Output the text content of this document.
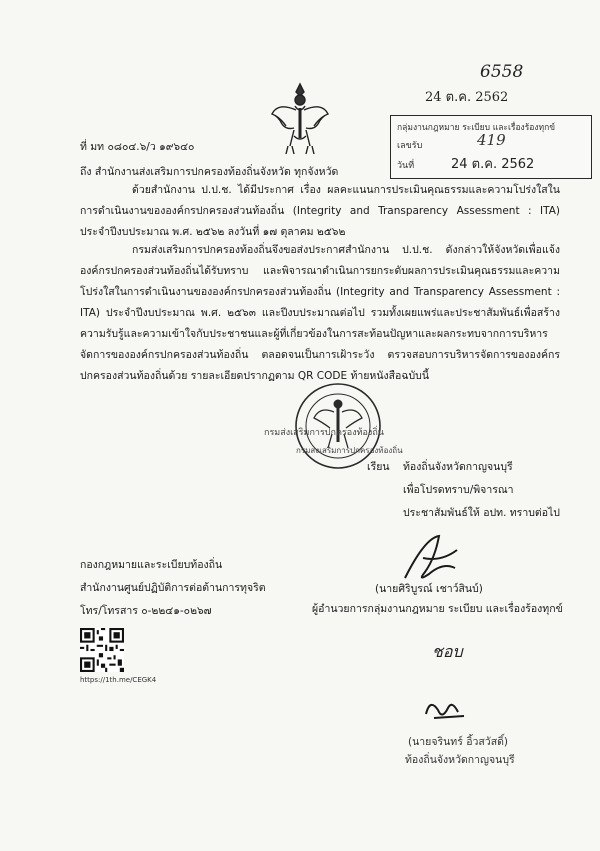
6558
24 ต.ค. 2562
กลุ่มงานกฎหมาย ระเบียบ และเรื่องร้องทุกข์
เลขรับ	419
วันที่	24 ต.ค. 2562
ที่ มท ๐๘๐๔.๖/ว ๑๙๖๔๐
ถึง สำนักงานส่งเสริมการปกครองท้องถิ่นจังหวัด ทุกจังหวัด
ด้วยสำนักงาน ป.ป.ช. ได้มีประกาศ เรื่อง ผลคะแนนการประเมินคุณธรรมและความโปร่งใสในการดำเนินงานขององค์กรปกครองส่วนท้องถิ่น (Integrity and Transparency Assessment : ITA) ประจำปีงบประมาณ พ.ศ. ๒๕๖๒ ลงวันที่ ๑๗ ตุลาคม ๒๕๖๒
กรมส่งเสริมการปกครองท้องถิ่นจึงขอส่งประกาศสำนักงาน ป.ป.ช. ดังกล่าวให้จังหวัดเพื่อแจ้งองค์กรปกครองส่วนท้องถิ่นได้รับทราบ และพิจารณาดำเนินการยกระดับผลการประเมินคุณธรรมและความโปร่งใสในการดำเนินงานขององค์กรปกครองส่วนท้องถิ่น (Integrity and Transparency Assessment : ITA) ประจำปีงบประมาณ พ.ศ. ๒๕๖๓ และปีงบประมาณต่อไป รวมทั้งเผยแพร่และประชาสัมพันธ์เพื่อสร้างความรับรู้และความเข้าใจกับประชาชนและผู้ที่เกี่ยวข้องในการสะท้อนปัญหาและผลกระทบจากการบริหารจัดการขององค์กรปกครองส่วนท้องถิ่น ตลอดจนเป็นการเฝ้าระวัง ตรวจสอบการบริหารจัดการขององค์กรปกครองส่วนท้องถิ่นด้วย รายละเอียดปรากฏตาม QR CODE ท้ายหนังสือฉบับนี้
กรมส่งเสริมการปกครองท้องถิ่น
กรมส่งเสริมการปกครองท้องถิ่น
เรียน ท้องถิ่นจังหวัดกาญจนบุรี
เพื่อโปรดทราบ/พิจารณา
ประชาสัมพันธ์ให้ อปท. ทราบต่อไป
(นายศิริบูรณ์ เชาว์สินบ์)
ผู้อำนวยการกลุ่มงานกฎหมาย ระเบียบ และเรื่องร้องทุกข์
กองกฎหมายและระเบียบท้องถิ่น
สำนักงานศูนย์ปฏิบัติการต่อต้านการทุจริต
โทร/โทรสาร ๐-๒๒๔๑-๐๒๖๗
https://1th.me/CEGK4
ชอบ
(นายจรินทร์ อิ้วสวัสดิ์)
ท้องถิ่นจังหวัดกาญจนบุรี
